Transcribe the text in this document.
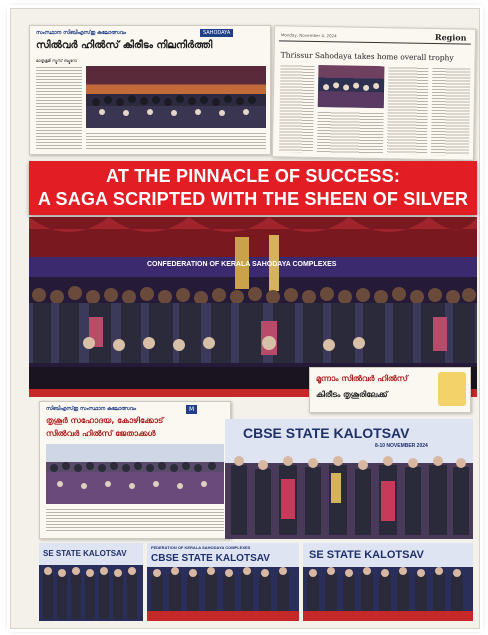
സംസ്ഥാന സിബിഎസ്ഇ കലോത്സവം	SAHODAYA
സിൽവർ ഹിൽസ് കിരീടം നിലനിർത്തി
മാതൃഭൂമി ന്യൂസ് ബ്യൂറോ
Monday, November 4, 2024	Region
Thrissur Sahodaya takes home overall trophy
AT THE PINNACLE OF SUCCESS:
A SAGA SCRIPTED WITH THE SHEEN OF SILVER
CONFEDERATION OF KERALA SAHODAYA COMPLEXES
മൂന്നാം സിൽവർ ഹിൽസ്
കിരീടം തൃശൂരിലേക്ക്
സിബിഎസ്ഇ സംസ്ഥാന കലോത്സവം	M
തൃശൂർ സഹോദയ, കോഴിക്കോട്
സിൽവർ ഹിൽസ് ജേതാക്കൾ	CBSE STATE KALOTSAV
8-10 NOVEMBER 2024
SE STATE KALOTSAV
FEDERATION OF KERALA SAHODAYA COMPLEXES
CBSE STATE KALOTSAV	SE STATE KALOTSAV
